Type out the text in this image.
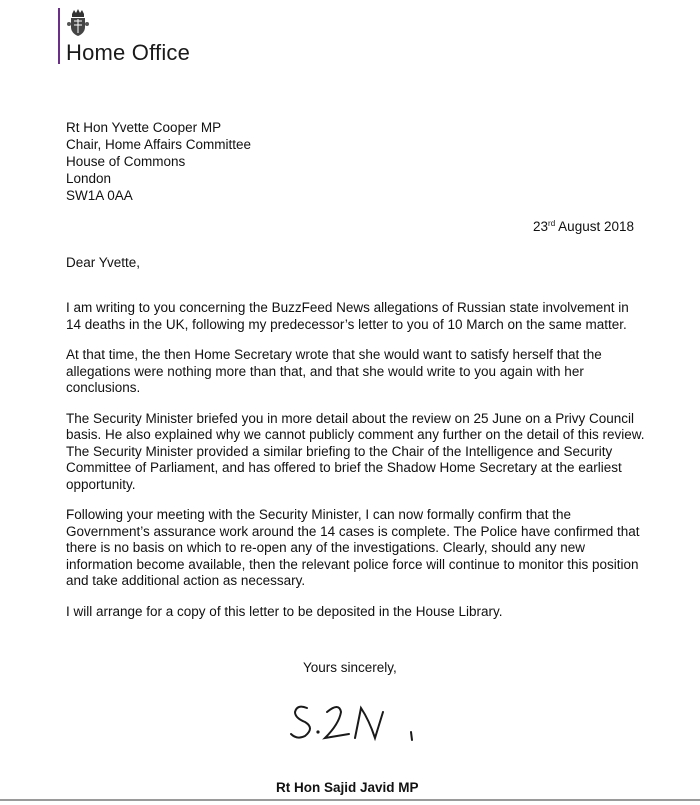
Home Office
Rt Hon Yvette Cooper MP
Chair, Home Affairs Committee
House of Commons
London
SW1A 0AA
23rd August 2018
Dear Yvette,

I am writing to you concerning the BuzzFeed News allegations of Russian state involvement in 14 deaths in the UK, following my predecessor’s letter to you of 10 March on the same matter.

At that time, the then Home Secretary wrote that she would want to satisfy herself that the allegations were nothing more than that, and that she would write to you again with her conclusions.

The Security Minister briefed you in more detail about the review on 25 June on a Privy Council basis. He also explained why we cannot publicly comment any further on the detail of this review. The Security Minister provided a similar briefing to the Chair of the Intelligence and Security Committee of Parliament, and has offered to brief the Shadow Home Secretary at the earliest opportunity.

Following your meeting with the Security Minister, I can now formally confirm that the Government’s assurance work around the 14 cases is complete. The Police have confirmed that there is no basis on which to re-open any of the investigations. Clearly, should any new information become available, then the relevant police force will continue to monitor this position and take additional action as necessary.

I will arrange for a copy of this letter to be deposited in the House Library.

Yours sincerely,
Rt Hon Sajid Javid MP
